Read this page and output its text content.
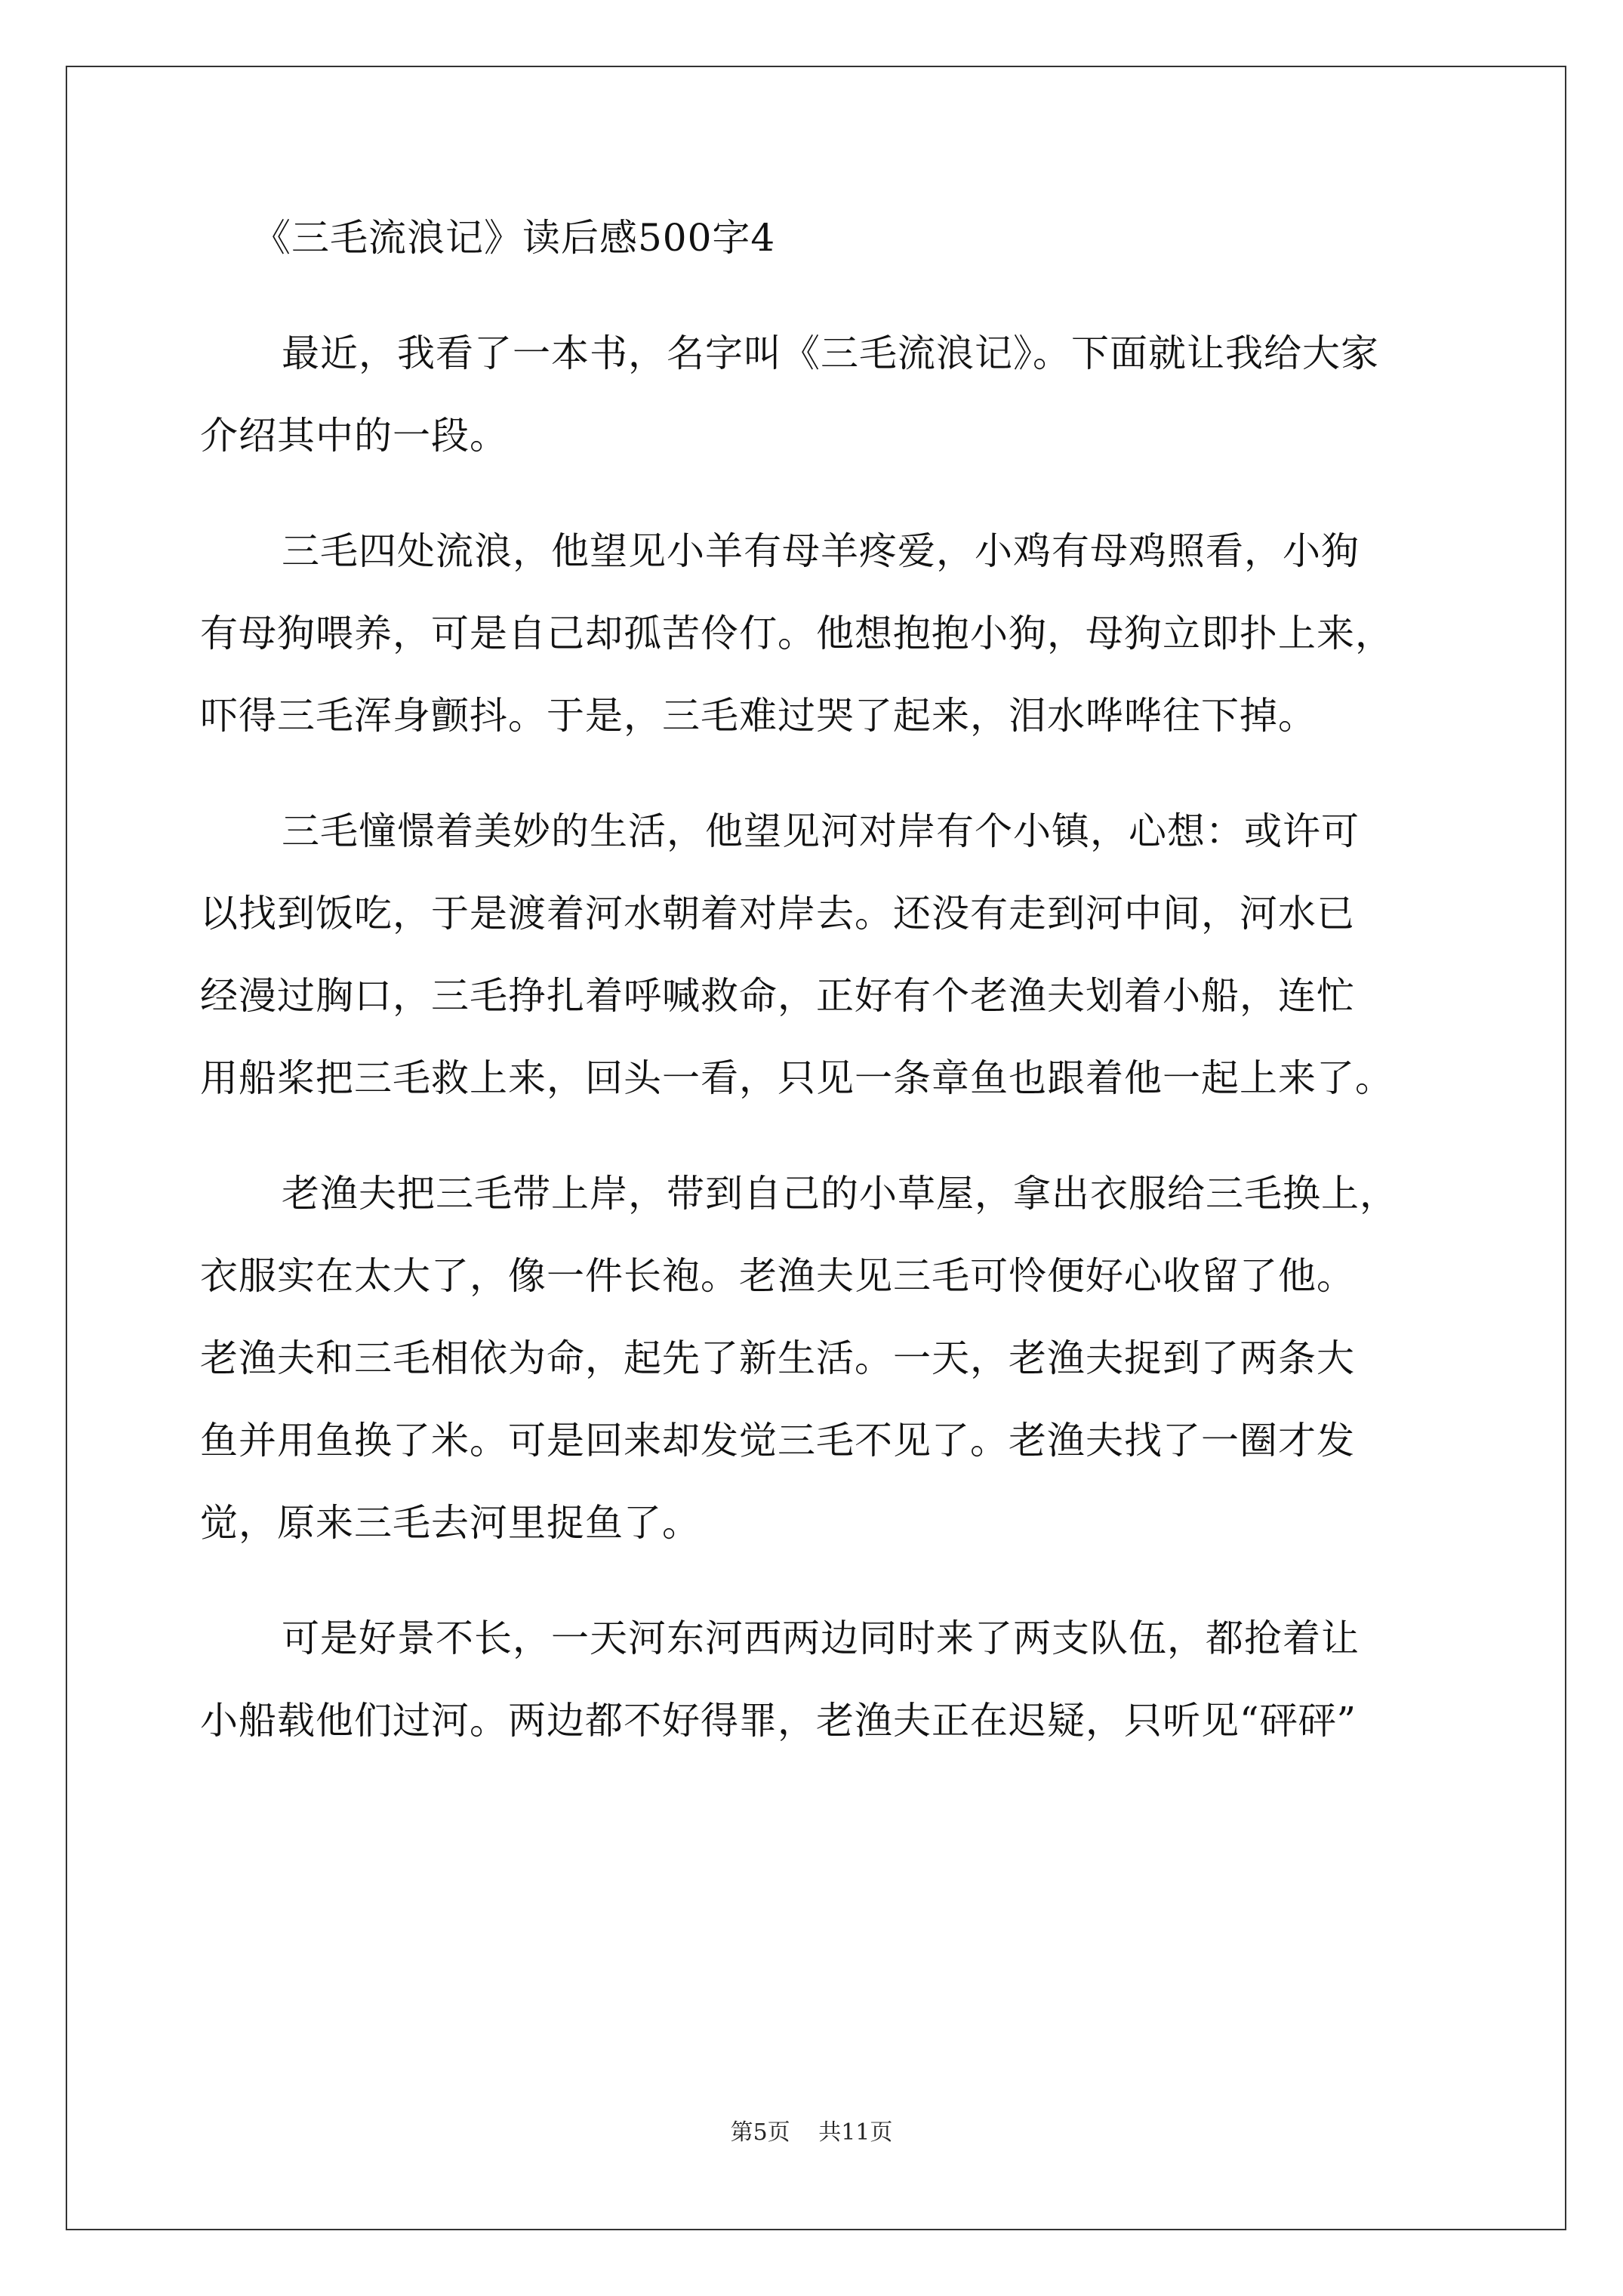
《三毛流浪记》读后感500字4
最近，我看了一本书，名字叫《三毛流浪记》。下面就让我给大家
介绍其中的一段。
三毛四处流浪，他望见小羊有母羊疼爱，小鸡有母鸡照看，小狗
有母狗喂养，可是自己却孤苦伶仃。他想抱抱小狗，母狗立即扑上来，
吓得三毛浑身颤抖。于是，三毛难过哭了起来，泪水哗哗往下掉。
三毛憧憬着美妙的生活，他望见河对岸有个小镇，心想：或许可
以找到饭吃，于是渡着河水朝着对岸去。还没有走到河中间，河水已
经漫过胸口，三毛挣扎着呼喊救命，正好有个老渔夫划着小船，连忙
用船桨把三毛救上来，回头一看，只见一条章鱼也跟着他一起上来了。
老渔夫把三毛带上岸，带到自己的小草屋，拿出衣服给三毛换上，
衣服实在太大了，像一件长袍。老渔夫见三毛可怜便好心收留了他。
老渔夫和三毛相依为命，起先了新生活。一天，老渔夫捉到了两条大
鱼并用鱼换了米。可是回来却发觉三毛不见了。老渔夫找了一圈才发
觉，原来三毛去河里捉鱼了。
可是好景不长，一天河东河西两边同时来了两支队伍，都抢着让
小船载他们过河。两边都不好得罪，老渔夫正在迟疑，只听见“砰砰”
第5页 共11页
